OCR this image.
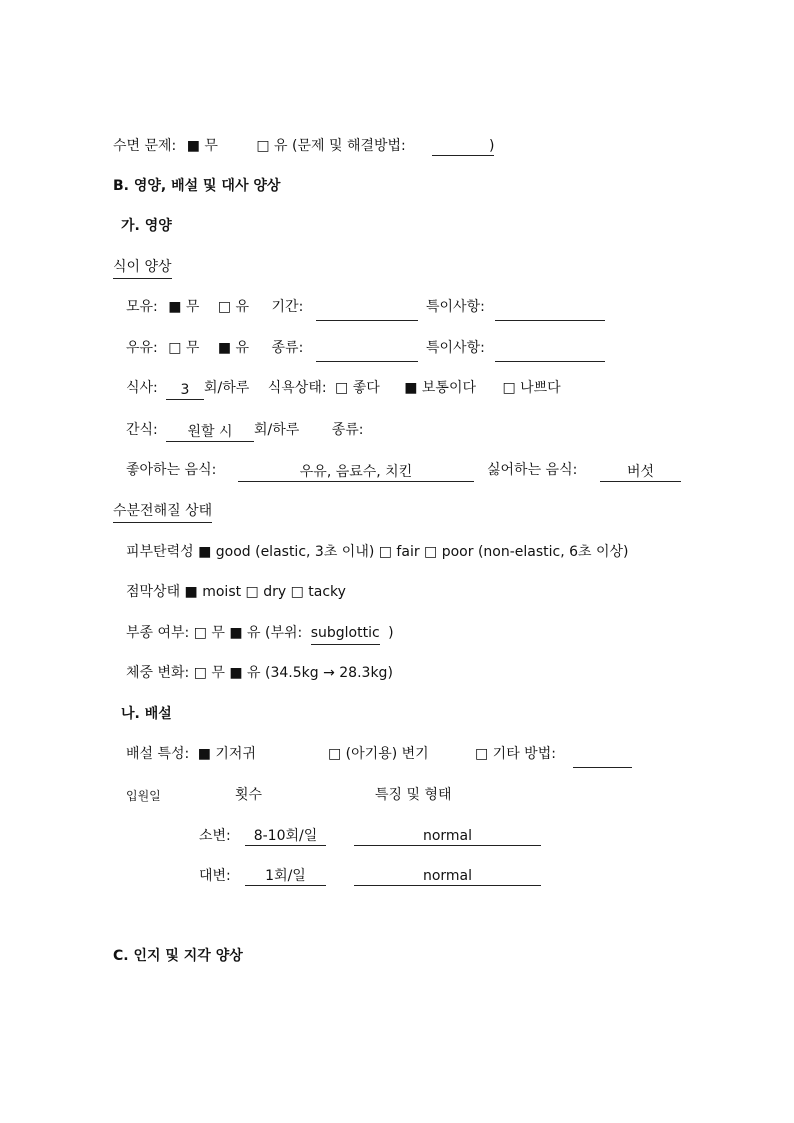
수면 문제: ■ 무	□ 유 (문제 및 해결방법:	)
B. 영양, 배설 및 대사 양상
가. 영양
식이 양상
모유: ■ 무 □ 유 기간:	특이사항:
우유: □ 무 ■ 유 종류:	특이사항:
식사:	3	회/하루 식욕상태: □ 좋다 ■ 보통이다 □ 나쁘다
간식:	원할 시	회/하루 종류:
좋아하는 음식:	우유, 음료수, 치킨	싫어하는 음식:	버섯
수분전해질 상태
피부탄력성 ■ good (elastic, 3초 이내) □ fair □ poor (non-elastic, 6초 이상)
점막상태 ■ moist □ dry □ tacky
부종 여부: □ 무 ■ 유 (부위: subglottic )
체중 변화: □ 무 ■ 유 (34.5kg → 28.3kg)
나. 배설
배설 특성: ■ 기저귀	□ (아기용) 변기	□ 기타 방법:
입원일	횟수	특징 및 형태
소변:	8-10회/일	normal
대변:	1회/일	normal
C. 인지 및 지각 양상
